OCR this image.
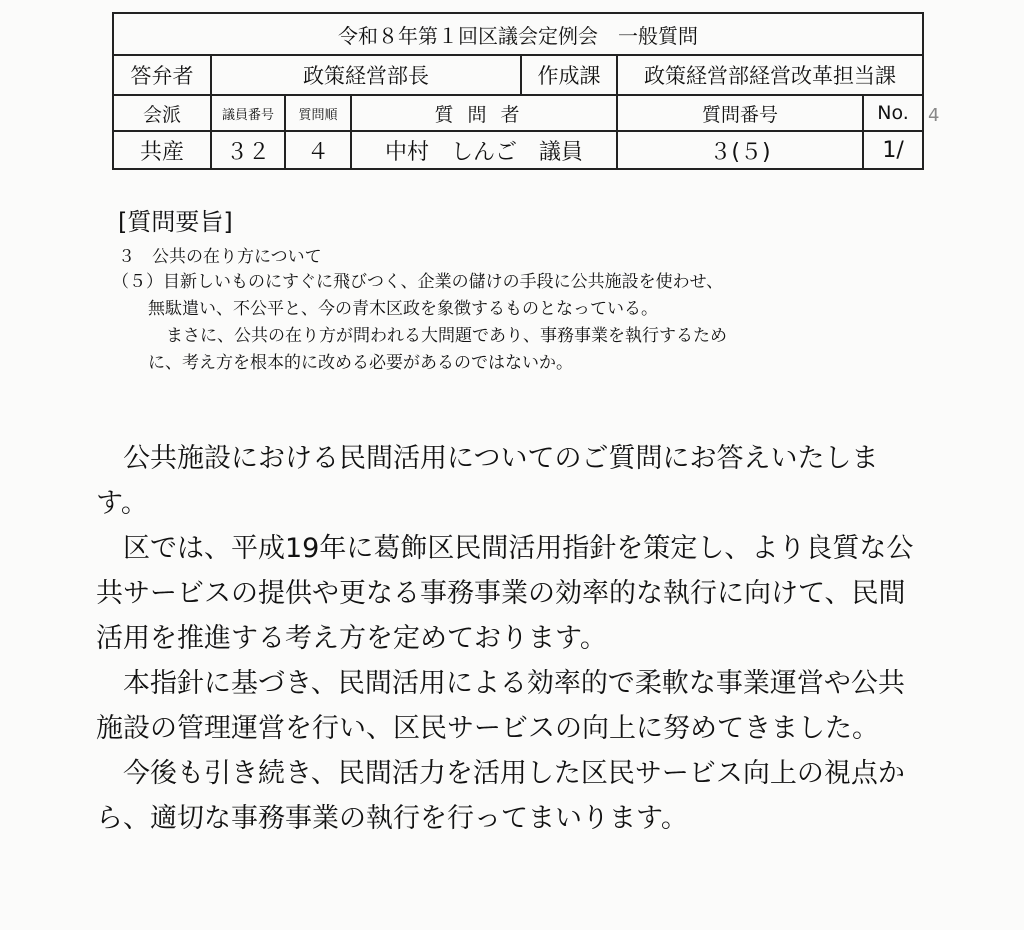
令和８年第１回区議会定例会　一般質問						
答弁者	政策経営部長			作成課	政策経営部経営改革担当課	
会派	議員番号	質問順	質問者		質問番号	No.
共産	３２	４	中村　しんご　議員		３(５)	1/
4
[質問要旨]
３　公共の在り方について
（５）目新しいものにすぐに飛びつく、企業の儲けの手段に公共施設を使わせ、
無駄遣い、不公平と、今の青木区政を象徴するものとなっている。
まさに、公共の在り方が問われる大問題であり、事務事業を執行するため
に、考え方を根本的に改める必要があるのではないか。

公共施設における民間活用についてのご質問にお答えいたします。

区では、平成19年に葛飾区民間活用指針を策定し、より良質な公共サービスの提供や更なる事務事業の効率的な執行に向けて、民間活用を推進する考え方を定めております。

本指針に基づき、民間活用による効率的で柔軟な事業運営や公共施設の管理運営を行い、区民サービスの向上に努めてきました。

今後も引き続き、民間活力を活用した区民サービス向上の視点から、適切な事務事業の執行を行ってまいります。
